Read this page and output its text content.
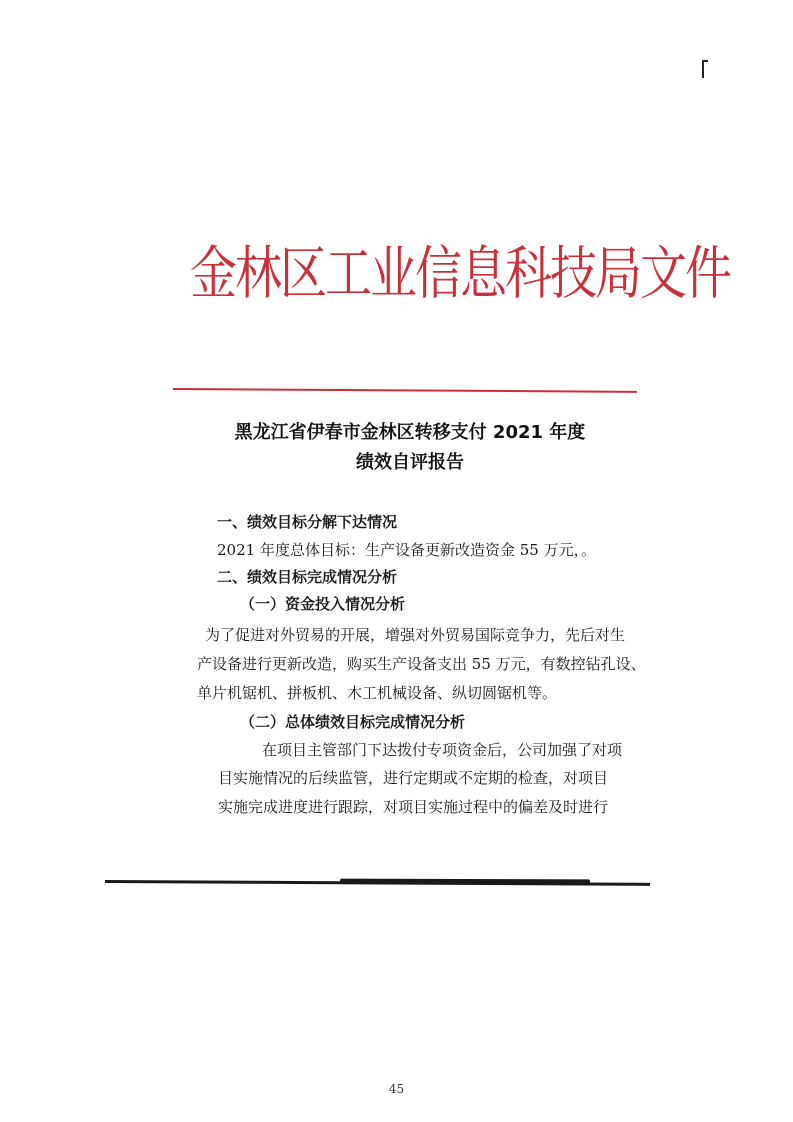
金林区工业信息科技局文件
黑龙江省伊春市金林区转移支付 2021 年度
绩效自评报告
一、绩效目标分解下达情况
2021 年度总体目标：生产设备更新改造资金 55 万元，。
二、绩效目标完成情况分析
（一）资金投入情况分析
为了促进对外贸易的开展，增强对外贸易国际竞争力，先后对生
产设备进行更新改造，购买生产设备支出 55 万元，有数控钻孔设、
单片机锯机、拼板机、木工机械设备、纵切圆锯机等。
（二）总体绩效目标完成情况分析
在项目主管部门下达拨付专项资金后，公司加强了对项
目实施情况的后续监管，进行定期或不定期的检查，对项目
实施完成进度进行跟踪，对项目实施过程中的偏差及时进行
45
